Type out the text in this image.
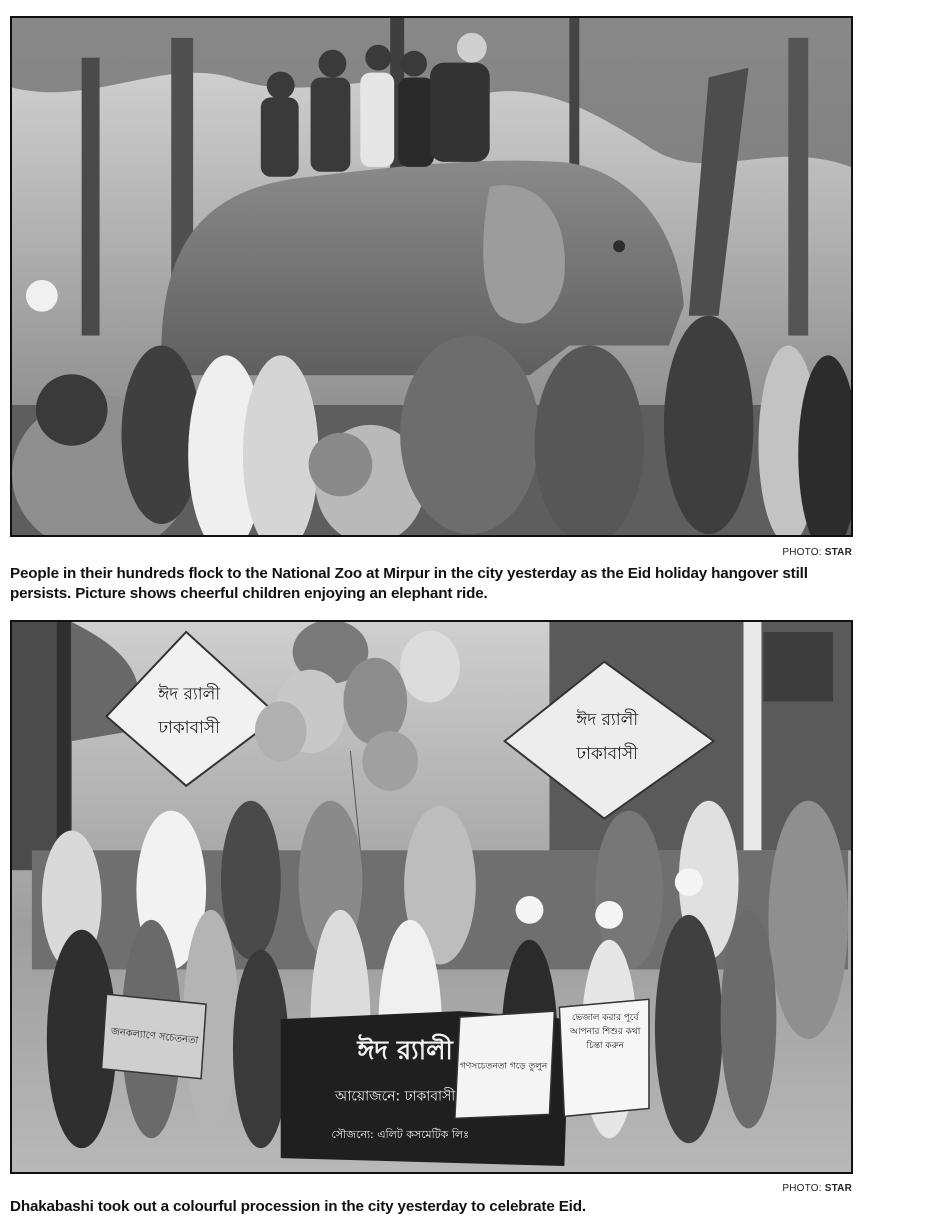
PHOTO: STAR
People in their hundreds flock to the National Zoo at Mirpur in the city yesterday as the Eid holiday hangover still persists. Picture shows cheerful children enjoying an elephant ride.
ঈদ র‍্যালী
ঢাকাবাসী	ঈদ র‍্যালী
ঢাকাবাসী
ঈদ র‍্যালী
আয়োজনে: ঢাকাবাসী
সৌজন্যে: এলিট কসমেটিক লিঃ
জনকল্যাণে সচেতনতা
গণসচেতনতা গড়ে তুলুন
ভেজাল করার পূর্বে আপনার শিশুর কথা চিন্তা করুন
PHOTO: STAR
Dhakabashi took out a colourful procession in the city yesterday to celebrate Eid.
